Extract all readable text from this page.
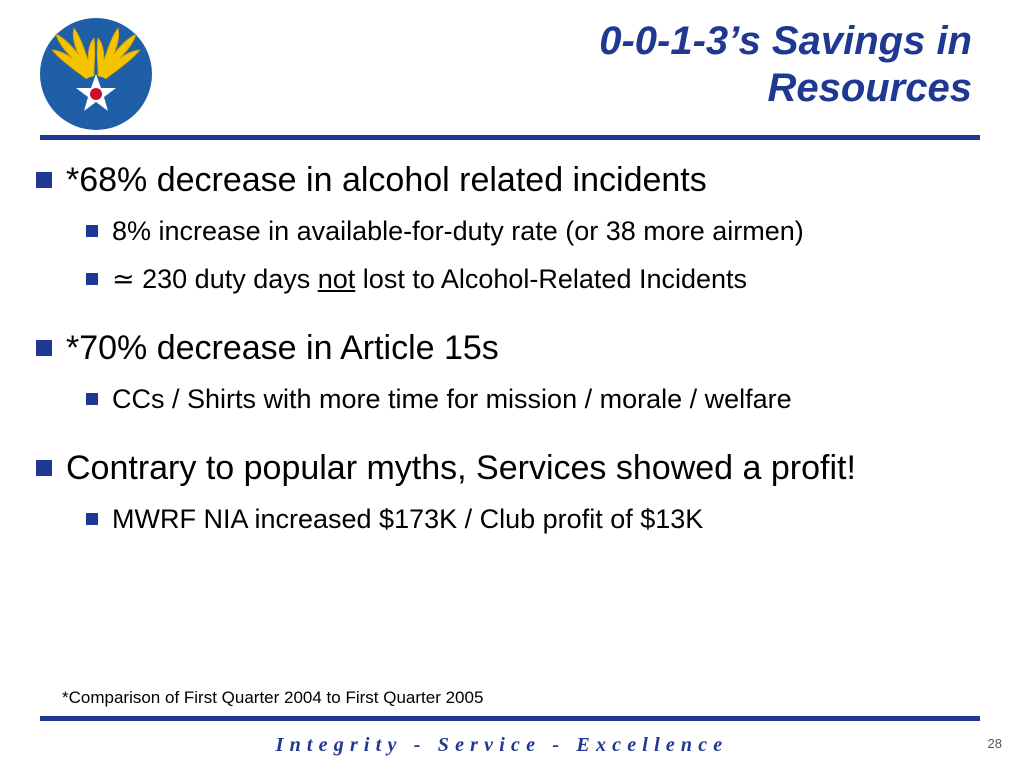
0-0-1-3’s Savings in
Resources
*68% decrease in alcohol related incidents
8% increase in available-for-duty rate (or 38 more airmen)
≃ 230 duty days not lost to Alcohol-Related Incidents
*70% decrease in Article 15s
CCs / Shirts with more time for mission / morale / welfare
Contrary to popular myths, Services showed a profit!
MWRF NIA increased $173K / Club profit of $13K
*Comparison of First Quarter 2004 to First Quarter 2005
Integrity - Service - Excellence	28
